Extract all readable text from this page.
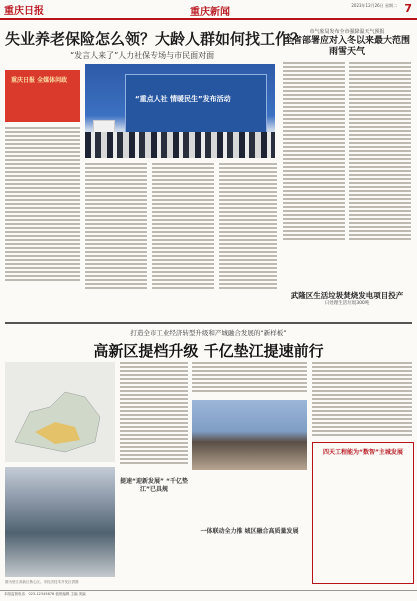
重庆日报	重庆新闻
2023年12月26日 星期二 7
失业养老保险怎么领？大龄人群如何找工作？
“发言人来了”人力社保专场与市民面对面
重庆日报 全媒体问政
“重点人社 情暖民生”发布活动
市气象局发布全市强降温天气预报
全省部署应对入冬以来最大范围雨雪天气
武隆区生活垃圾焚烧发电项目投产
日处理生活垃圾300吨
打造全市工业经济转型升级和产城融合发展的“新样板”
高新区提档升级 千亿垫江提速前行
提速“迎新发展” “千亿垫江”已具规
一体联动全力推 城区融合高质量发展
四天工程能为“数智”主城发展
图为垫江高新区核心区。市经济技术开发区供图
本版监督电话：023-12345678 值班编辑 主编 美编
